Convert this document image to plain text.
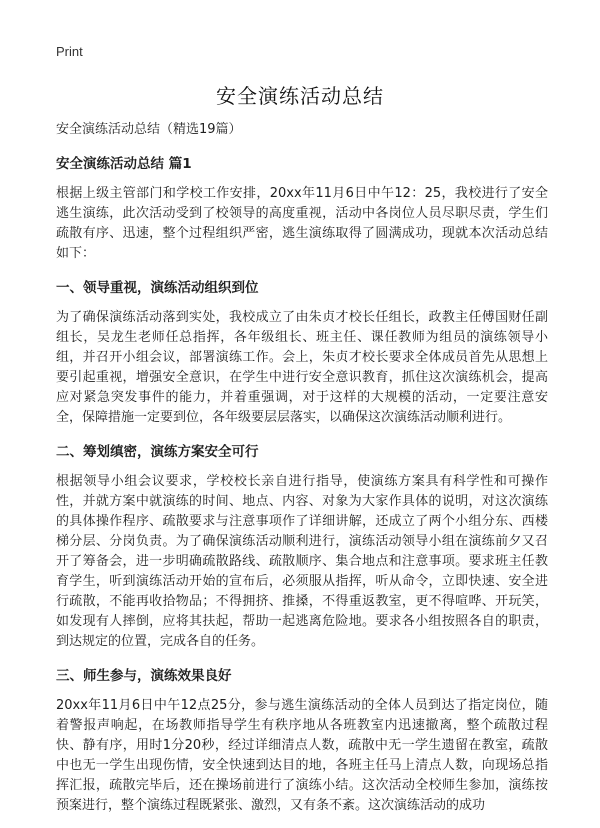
Print
安全演练活动总结

安全演练活动总结（精选19篇）

安全演练活动总结 篇1

根据上级主管部门和学校工作安排，20xx年11月6日中午12：25，我校进行了安全逃生演练，此次活动受到了校领导的高度重视，活动中各岗位人员尽职尽责，学生们疏散有序、迅速，整个过程组织严密，逃生演练取得了圆满成功，现就本次活动总结如下：

一、领导重视，演练活动组织到位

为了确保演练活动落到实处，我校成立了由朱贞才校长任组长，政教主任傅国财任副组长，吴龙生老师任总指挥，各年级组长、班主任、课任教师为组员的演练领导小组，并召开小组会议，部署演练工作。会上，朱贞才校长要求全体成员首先从思想上要引起重视，增强安全意识，在学生中进行安全意识教育，抓住这次演练机会，提高应对紧急突发事件的能力，并着重强调，对于这样的大规模的活动，一定要注意安全，保障措施一定要到位，各年级要层层落实，以确保这次演练活动顺利进行。

二、筹划缜密，演练方案安全可行

根据领导小组会议要求，学校校长亲自进行指导，使演练方案具有科学性和可操作性，并就方案中就演练的时间、地点、内容、对象为大家作具体的说明，对这次演练的具体操作程序、疏散要求与注意事项作了详细讲解，还成立了两个小组分东、西楼梯分层、分岗负责。为了确保演练活动顺利进行，演练活动领导小组在演练前夕又召开了筹备会，进一步明确疏散路线、疏散顺序、集合地点和注意事项。要求班主任教育学生，听到演练活动开始的宣布后，必须服从指挥，听从命令，立即快速、安全进行疏散，不能再收拾物品；不得拥挤、推搡，不得重返教室，更不得喧哗、开玩笑，如发现有人摔倒，应将其扶起，帮助一起逃离危险地。要求各小组按照各自的职责，到达规定的位置，完成各自的任务。

三、师生参与，演练效果良好

20xx年11月6日中午12点25分，参与逃生演练活动的全体人员到达了指定岗位，随着警报声响起，在场教师指导学生有秩序地从各班教室内迅速撤离，整个疏散过程快、静有序，用时1分20秒，经过详细清点人数，疏散中无一学生遗留在教室，疏散中也无一学生出现伤情，安全快速到达目的地，各班主任马上清点人数，向现场总指挥汇报，疏散完毕后，还在操场前进行了演练小结。这次活动全校师生参加，演练按预案进行，整个演练过程既紧张、激烈，又有条不紊。这次演练活动的成功
